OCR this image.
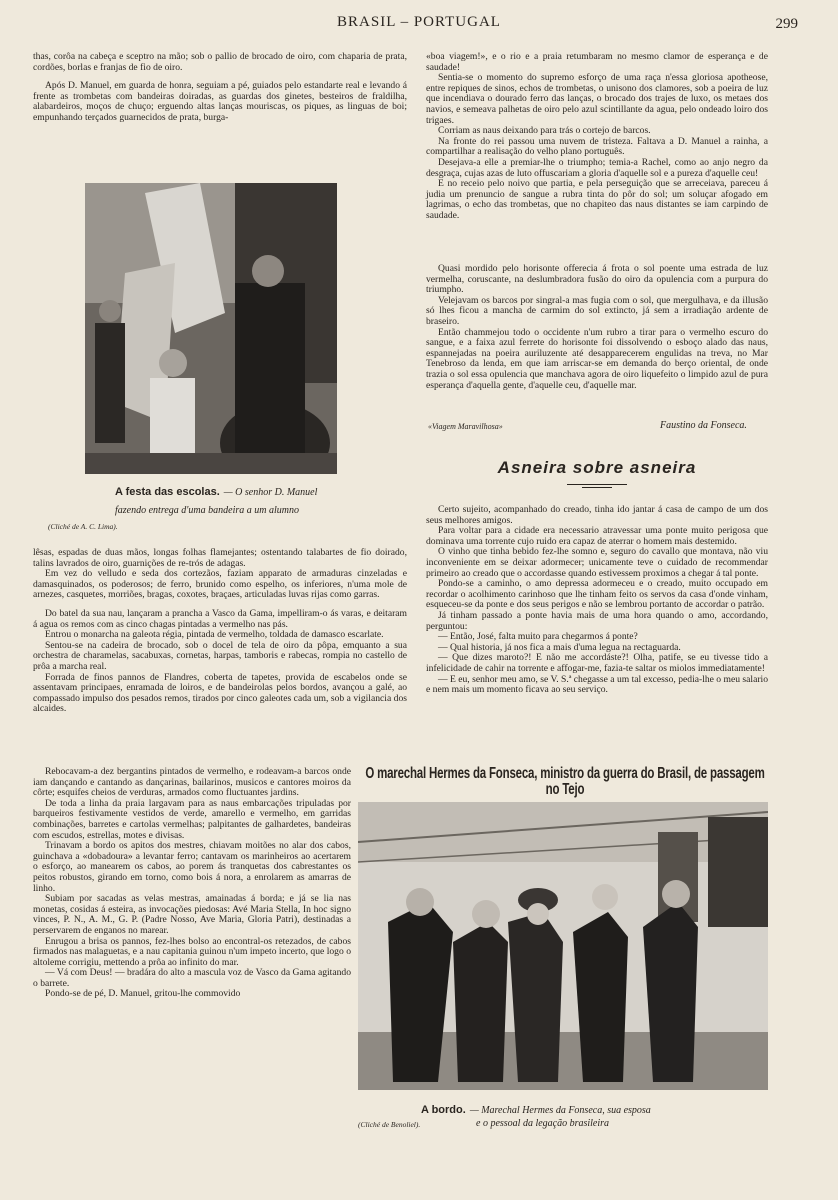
BRASIL – PORTUGAL	299

thas, corôa na cabeça e sceptro na mão; sob o pallio de brocado de oiro, com chaparia de prata, cordões, borlas e franjas de fio de oiro.

Após D. Manuel, em guarda de honra, seguiam a pé, guiados pelo estandarte real e levando á frente as trombetas com bandeiras doiradas, as guardas dos ginetes, besteiros de fraldilha, alabardeiros, moços de chuço; erguendo altas lanças mouriscas, os piques, as linguas de boi; empunhando terçados guarnecidos de prata, burga-

A festa das escolas. — O senhor D. Manuel fazendo entrega d'uma bandeira a um alumno
(Cliché de A. C. Lima).

lêsas, espadas de duas mãos, longas folhas flamejantes; ostentando talabartes de fio doirado, talins lavrados de oiro, guarnições de re-trós de adagas.

Em vez do velludo e seda dos cortezãos, faziam apparato de armaduras cinzeladas e damasquinados, os poderosos; de ferro, brunido como espelho, os inferiores, n'uma mole de arnezes, casquetes, morriões, bragas, coxotes, braçaes, articuladas luvas rijas como garras.

Do batel da sua nau, lançaram a prancha a Vasco da Gama, impelliram-o ás varas, e deitaram á agua os remos com as cinco chagas pintadas a vermelho nas pás.

Entrou o monarcha na galeota régia, pintada de vermelho, toldada de damasco escarlate.

Sentou-se na cadeira de brocado, sob o docel de tela de oiro da pôpa, emquanto a sua orchestra de charamelas, sacabuxas, cornetas, harpas, tamboris e rabecas, rompia no castello de prôa a marcha real.

Forrada de finos pannos de Flandres, coberta de tapetes, provida de escabelos onde se assentavam principaes, enramada de loiros, e de bandeirolas pelos bordos, avançou a galé, ao compassado impulso dos pesados remos, tirados por cinco galeotes cada um, sob a vigilancia dos alcaides.

Rebocavam-a dez bergantins pintados de vermelho, e rodeavam-a barcos onde iam dançando e cantando as dançarinas, bailarinos, musicos e cantores moiros da côrte; esquifes cheios de verduras, armados como fluctuantes jardins.

De toda a linha da praia largavam para as naus embarcações tripuladas por barqueiros festivamente vestidos de verde, amarello e vermelho, em garridas combinações, barretes e cartolas vermelhas; palpitantes de galhardetes, bandeiras com escudos, estrellas, motes e divisas.

Trinavam a bordo os apitos dos mestres, chiavam moitões no alar dos cabos, guinchava a «dobadoura» a levantar ferro; cantavam os marinheiros ao acertarem o esforço, ao manearem os cabos, ao porem ás tranquetas dos cabrestantes os peitos robustos, girando em torno, como bois á nora, a enrolarem as amarras de linho.

Subiam por sacadas as velas mestras, amainadas á borda; e já se lia nas monetas, cosidas á esteira, as invocações piedosas: Avé Maria Stella, In hoc signo vinces, P. N., A. M., G. P. (Padre Nosso, Ave Maria, Gloria Patri), destinadas a perservarem de enganos no marear.

Enrugou a brisa os pannos, fez-lhes bolso ao encontral-os retezados, de cabos firmados nas malaguetas, e a nau capitania guinou n'um impeto incerto, que logo o altoleme corrigiu, mettendo a prôa ao infinito do mar.

— Vá com Deus! — bradára do alto a mascula voz de Vasco da Gama agitando o barrete.

Pondo-se de pé, D. Manuel, gritou-lhe commovido

«boa viagem!», e o rio e a praia retumbaram no mesmo clamor de esperança e de saudade!

Sentia-se o momento do supremo esforço de uma raça n'essa gloriosa apotheose, entre repiques de sinos, echos de trombetas, o unisono dos clamores, sob a poeira de luz que incendiava o dourado ferro das lanças, o brocado dos trajes de luxo, os metaes dos navios, e semeava palhetas de oiro pelo azul scintillante da agua, pelo ondeado loiro dos trigaes.

Corriam as naus deixando para trás o cortejo de barcos.

Na fronte do rei passou uma nuvem de tristeza. Faltava a D. Manuel a rainha, a compartilhar a realisação do velho plano português.

Desejava-a elle a premiar-lhe o triumpho; temia-a Rachel, como ao anjo negro da desgraça, cujas azas de luto offuscariam a gloria d'aquelle sol e a pureza d'aquelle ceu!

E no receio pelo noivo que partia, e pela perseguição que se arreceiava, pareceu á judia um prenuncio de sangue a rubra tinta do pôr do sol; um soluçar afogado em lagrimas, o echo das trombetas, que no chapiteo das naus distantes se iam carpindo de saudade.

Quasi mordido pelo horisonte offerecia á frota o sol poente uma estrada de luz vermelha, coruscante, na deslumbradora fusão do oiro da opulencia com a purpura do triumpho.

Velejavam os barcos por singral-a mas fugia com o sol, que mergulhava, e da illusão só lhes ficou a mancha de carmim do sol extincto, já sem a irradiação ardente de braseiro.

Então chammejou todo o occidente n'um rubro a tirar para o vermelho escuro do sangue, e a faixa azul ferrete do horisonte foi dissolvendo o esboço alado das naus, espannejadas na poeira auriluzente até desapparecerem engulidas na treva, no Mar Tenebroso da lenda, em que iam arriscar-se em demanda do berço oriental, de onde trazia o sol essa opulencia que manchava agora de oiro liquefeito o limpido azul de pura esperança d'aquella gente, d'aquelle ceu, d'aquelle mar.

«Viagem Maravilhosa»	Faustino da Fonseca.
Asneira sobre asneira

Certo sujeito, acompanhado do creado, tinha ido jantar á casa de campo de um dos seus melhores amigos.

Para voltar para a cidade era necessario atravessar uma ponte muito perigosa que dominava uma torrente cujo ruido era capaz de aterrar o homem mais destemido.

O vinho que tinha bebido fez-lhe somno e, seguro do cavallo que montava, não viu inconveniente em se deixar adormecer; unicamente teve o cuidado de recommendar primeiro ao creado que o accordasse quando estivessem proximos a chegar á tal ponte.

Pondo-se a caminho, o amo depressa adormeceu e o creado, muito occupado em recordar o acolhimento carinhoso que lhe tinham feito os servos da casa d'onde vinham, esqueceu-se da ponte e dos seus perigos e não se lembrou portanto de accordar o patrão.

Já tinham passado a ponte havia mais de uma hora quando o amo, accordando, perguntou:

— Então, José, falta muito para chegarmos á ponte?

— Qual historia, já nos fica a mais d'uma legua na rectaguarda.

— Que dizes maroto?! E não me accordáste?! Olha, patife, se eu tivesse tido a infelicidade de cahir na torrente e affogar-me, fazia-te saltar os miolos immediatamente!

— E eu, senhor meu amo, se V. S.ª chegasse a um tal excesso, pedia-lhe o meu salario e nem mais um momento ficava ao seu serviço.

O marechal Hermes da Fonseca, ministro da guerra do Brasil, de passagem no Tejo
A bordo. — Marechal Hermes da Fonseca, sua esposa
(Cliché de Benoliel).	e o pessoal da legação brasileira
